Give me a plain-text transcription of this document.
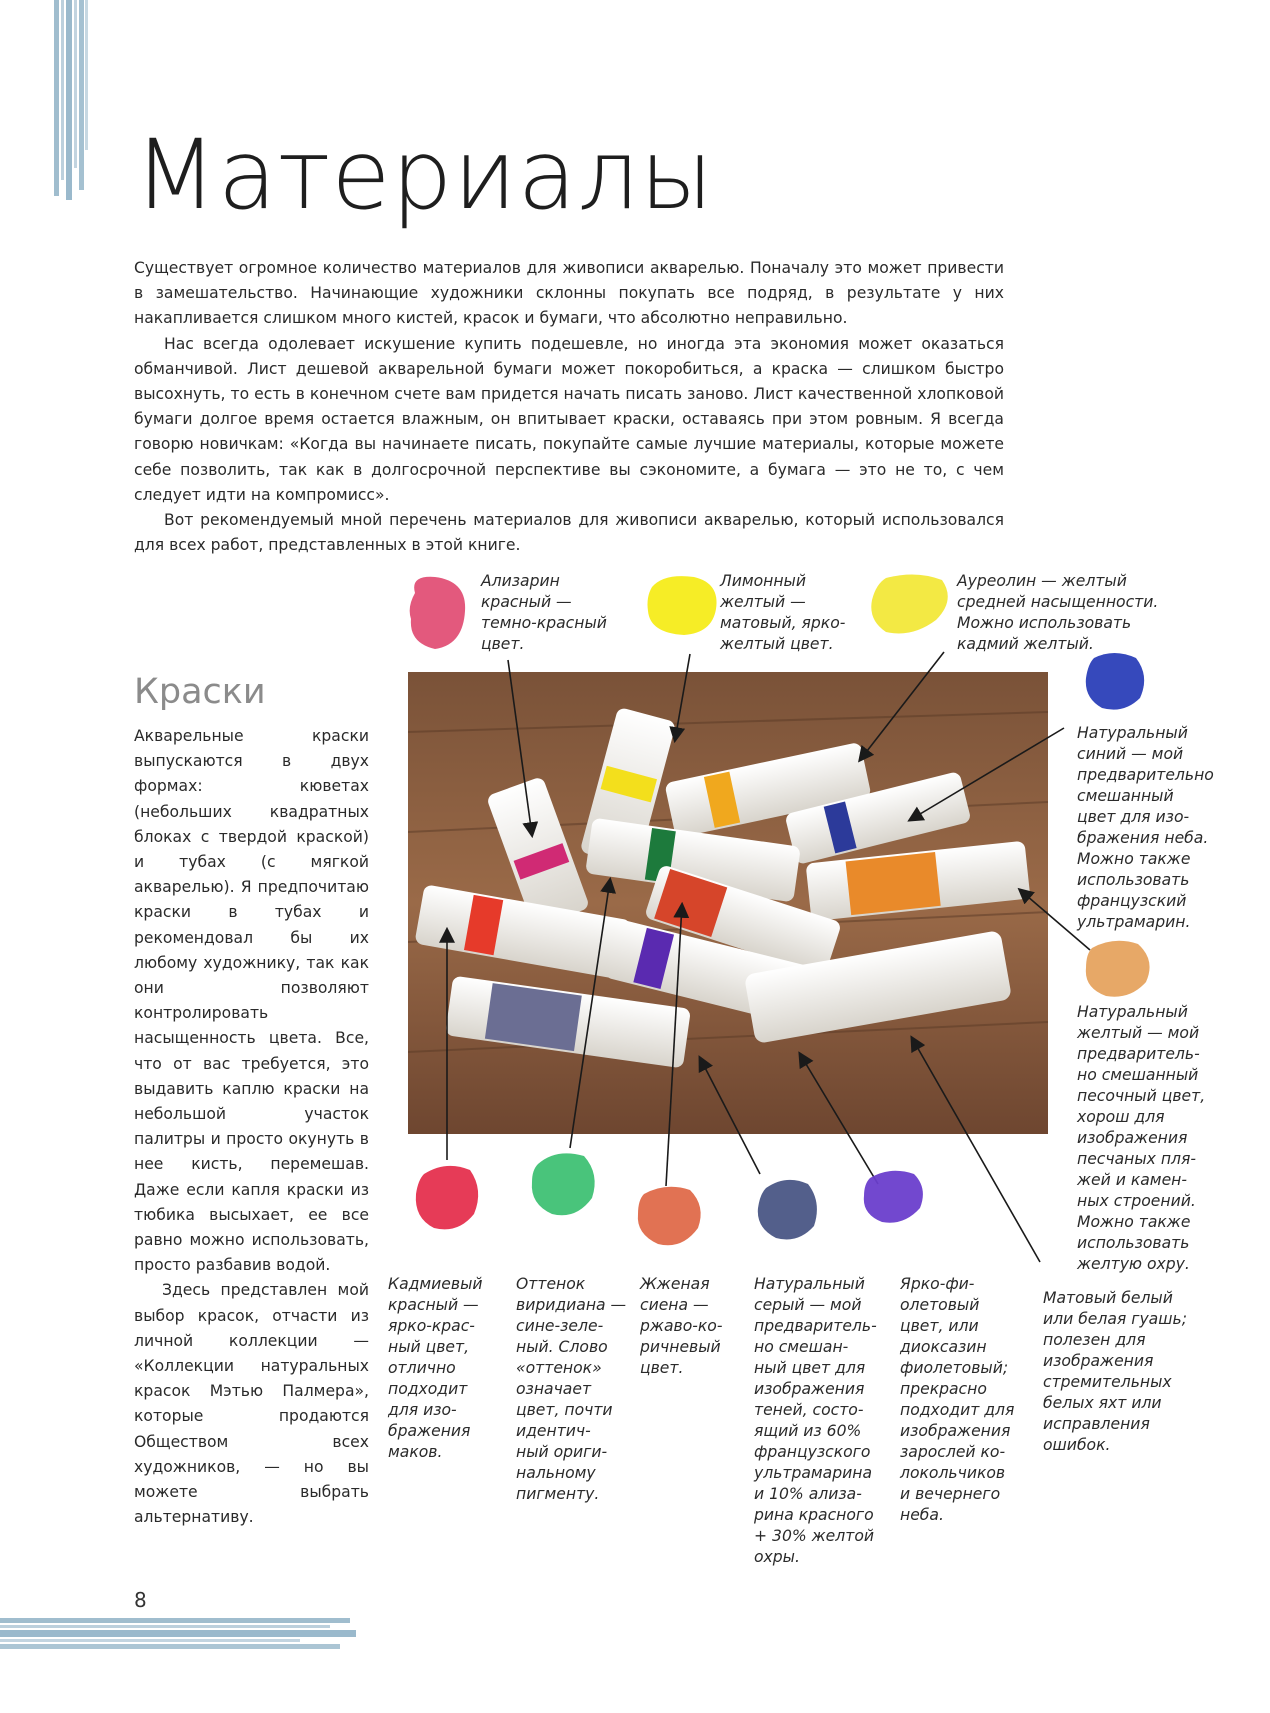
Материалы

Существует огромное количество материалов для живописи акварелью. Поначалу это может привести в замешательство. Начинающие художники склонны покупать все подряд, в результате у них накапливается слишком много кистей, красок и бумаги, что абсолютно неправильно.

Нас всегда одолевает искушение купить подешевле, но иногда эта экономия может оказаться обманчивой. Лист дешевой акварельной бумаги может покоробиться, а краска — слишком быстро высохнуть, то есть в конечном счете вам придется начать писать заново. Лист качественной хлопковой бумаги долгое время остается влажным, он впитывает краски, оставаясь при этом ровным. Я всегда говорю новичкам: «Когда вы начинаете писать, покупайте самые лучшие материалы, которые можете себе позволить, так как в долгосрочной перспективе вы сэкономите, а бумага — это не то, с чем следует идти на компромисс».

Вот рекомендуемый мной перечень материалов для живописи акварелью, который использовался для всех работ, представленных в этой книге.

Краски

Акварельные краски выпускаются в двух формах: кюветах (небольших квадратных блоках с твердой краской) и тубах (с мягкой акварелью). Я предпочитаю краски в тубах и рекомендовал бы их любому художнику, так как они позволяют контролировать насыщенность цвета. Все, что от вас требуется, это выдавить каплю краски на небольшой участок палитры и просто окунуть в нее кисть, перемешав. Даже если капля краски из тюбика высыхает, ее все равно можно использовать, просто разбавив водой.

Здесь представлен мой выбор красок, отчасти из личной коллекции — «Коллекции натуральных красок Мэтью Палмера», которые продаются Обществом всех художников, — но вы можете выбрать альтернативу.

Ализарин
красный —
темно-красный
цвет.
Лимонный
желтый —
матовый, ярко-
желтый цвет.
Ауреолин — желтый
средней насыщенности.
Можно использовать
кадмий желтый.
Натуральный
синий — мой
предварительно
смешанный
цвет для изо-
бражения неба.
Можно также
использовать
французский
ультрамарин.
Натуральный
желтый — мой
предваритель-
но смешанный
песочный цвет,
хорош для
изображения
песчаных пля-
жей и камен-
ных строений.
Можно также
использовать
желтую охру.
Кадмиевый
красный —
ярко-крас-
ный цвет,
отлично
подходит
для изо-
бражения
маков.
Оттенок
виридиана —
сине-зеле-
ный. Слово
«оттенок»
означает
цвет, почти
идентич-
ный ориги-
нальному
пигменту.
Жженая
сиена —
ржаво-ко-
ричневый
цвет.
Натуральный
серый — мой
предваритель-
но смешан-
ный цвет для
изображения
теней, состо-
ящий из 60%
французского
ультрамарина
и 10% ализа-
рина красного
+ 30% желтой
охры.
Ярко-фи-
олетовый
цвет, или
диоксазин
фиолетовый;
прекрасно
подходит для
изображения
зарослей ко-
локольчиков
и вечернего
неба.
Матовый белый
или белая гуашь;
полезен для
изображения
стремительных
белых яхт или
исправления
ошибок.
8
